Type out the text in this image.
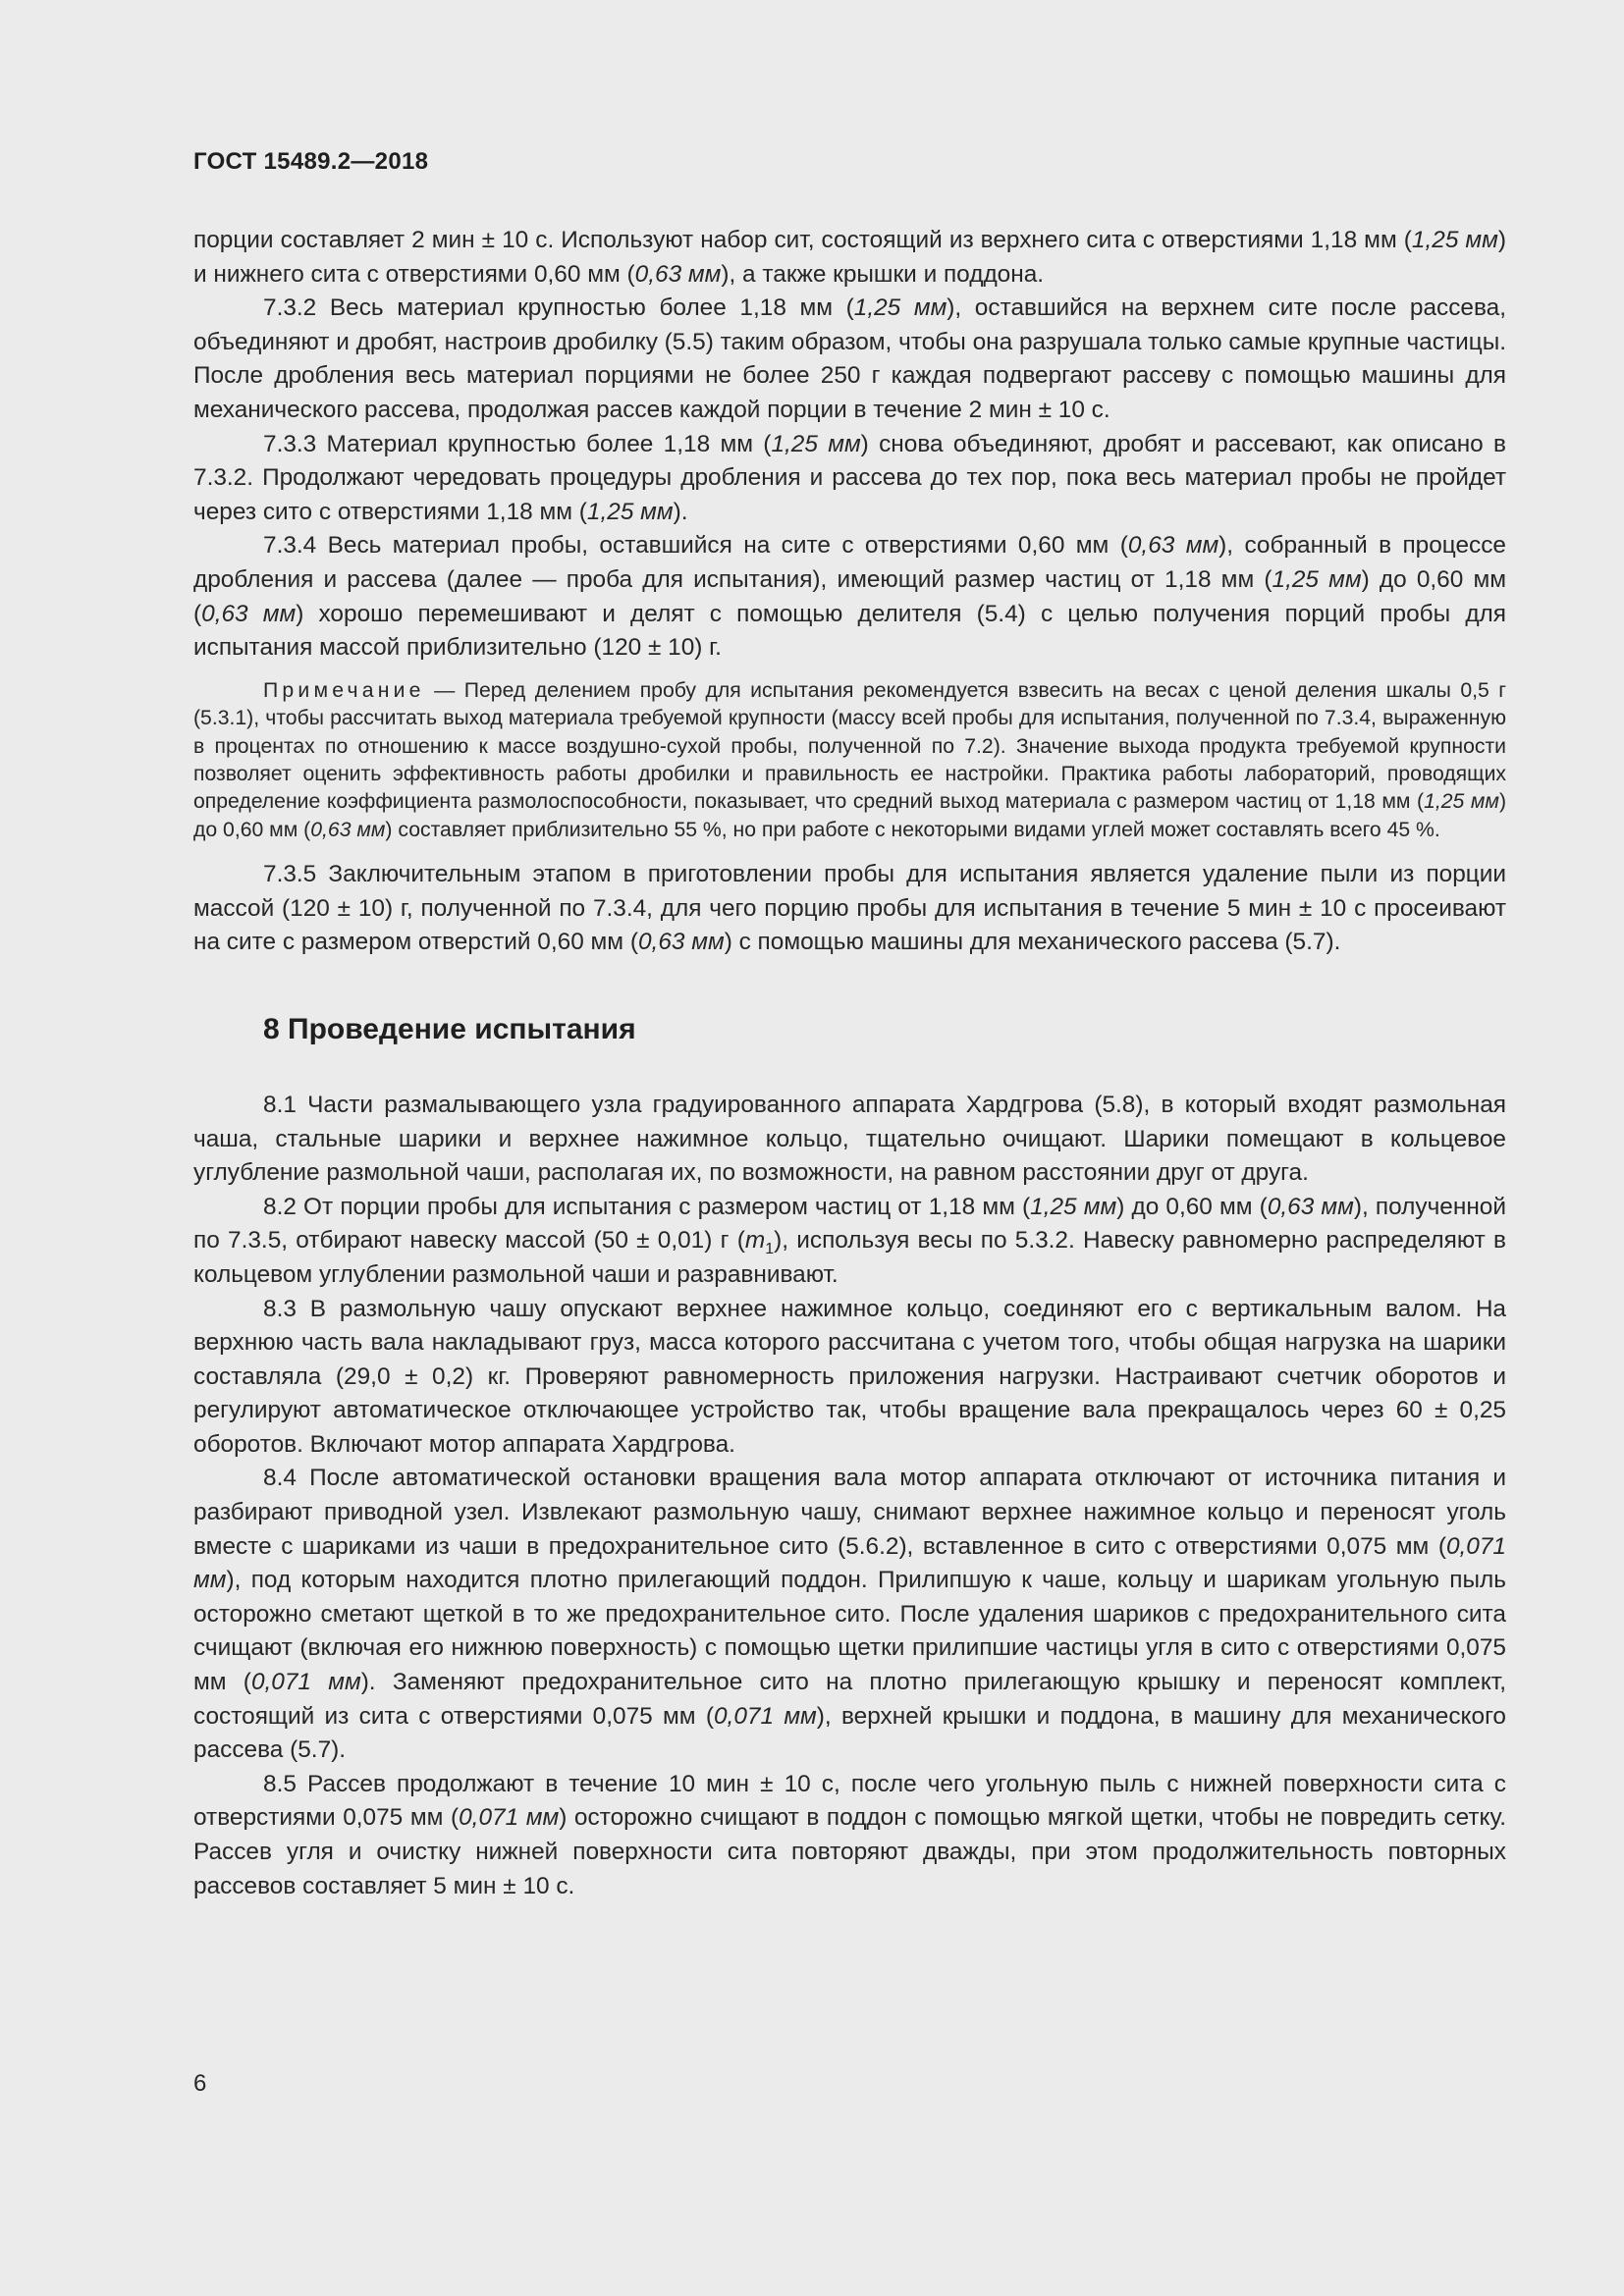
ГОСТ 15489.2—2018

порции составляет 2 мин ± 10 с. Используют набор сит, состоящий из верхнего сита с отверстиями 1,18 мм (1,25 мм) и нижнего сита с отверстиями 0,60 мм (0,63 мм), а также крышки и поддона.

7.3.2 Весь материал крупностью более 1,18 мм (1,25 мм), оставшийся на верхнем сите после рассева, объединяют и дробят, настроив дробилку (5.5) таким образом, чтобы она разрушала только самые крупные частицы. После дробления весь материал порциями не более 250 г каждая подвергают рассеву с помощью машины для механического рассева, продолжая рассев каждой порции в течение 2 мин ± 10 с.

7.3.3 Материал крупностью более 1,18 мм (1,25 мм) снова объединяют, дробят и рассевают, как описано в 7.3.2. Продолжают чередовать процедуры дробления и рассева до тех пор, пока весь материал пробы не пройдет через сито с отверстиями 1,18 мм (1,25 мм).

7.3.4 Весь материал пробы, оставшийся на сите с отверстиями 0,60 мм (0,63 мм), собранный в процессе дробления и рассева (далее — проба для испытания), имеющий размер частиц от 1,18 мм (1,25 мм) до 0,60 мм (0,63 мм) хорошо перемешивают и делят с помощью делителя (5.4) с целью получения порций пробы для испытания массой приблизительно (120 ± 10) г.

Примечание — Перед делением пробу для испытания рекомендуется взвесить на весах с ценой деления шкалы 0,5 г (5.3.1), чтобы рассчитать выход материала требуемой крупности (массу всей пробы для испытания, полученной по 7.3.4, выраженную в процентах по отношению к массе воздушно-сухой пробы, полученной по 7.2). Значение выхода продукта требуемой крупности позволяет оценить эффективность работы дробилки и правильность ее настройки. Практика работы лабораторий, проводящих определение коэффициента размолоспособности, показывает, что средний выход материала с размером частиц от 1,18 мм (1,25 мм) до 0,60 мм (0,63 мм) составляет приблизительно 55 %, но при работе с некоторыми видами углей может составлять всего 45 %.

7.3.5 Заключительным этапом в приготовлении пробы для испытания является удаление пыли из порции массой (120 ± 10) г, полученной по 7.3.4, для чего порцию пробы для испытания в течение 5 мин ± 10 с просеивают на сите с размером отверстий 0,60 мм (0,63 мм) с помощью машины для механического рассева (5.7).

8 Проведение испытания

8.1 Части размалывающего узла градуированного аппарата Хардгрова (5.8), в который входят размольная чаша, стальные шарики и верхнее нажимное кольцо, тщательно очищают. Шарики помещают в кольцевое углубление размольной чаши, располагая их, по возможности, на равном расстоянии друг от друга.

8.2 От порции пробы для испытания с размером частиц от 1,18 мм (1,25 мм) до 0,60 мм (0,63 мм), полученной по 7.3.5, отбирают навеску массой (50 ± 0,01) г $(m_1)$, используя весы по 5.3.2. Навеску равномерно распределяют в кольцевом углублении размольной чаши и разравнивают.

8.3 В размольную чашу опускают верхнее нажимное кольцо, соединяют его с вертикальным валом. На верхнюю часть вала накладывают груз, масса которого рассчитана с учетом того, чтобы общая нагрузка на шарики составляла (29,0 ± 0,2) кг. Проверяют равномерность приложения нагрузки. Настраивают счетчик оборотов и регулируют автоматическое отключающее устройство так, чтобы вращение вала прекращалось через 60 ± 0,25 оборотов. Включают мотор аппарата Хардгрова.

8.4 После автоматической остановки вращения вала мотор аппарата отключают от источника питания и разбирают приводной узел. Извлекают размольную чашу, снимают верхнее нажимное кольцо и переносят уголь вместе с шариками из чаши в предохранительное сито (5.6.2), вставленное в сито с отверстиями 0,075 мм (0,071 мм), под которым находится плотно прилегающий поддон. Прилипшую к чаше, кольцу и шарикам угольную пыль осторожно сметают щеткой в то же предохранительное сито. После удаления шариков с предохранительного сита счищают (включая его нижнюю поверхность) с помощью щетки прилипшие частицы угля в сито с отверстиями 0,075 мм (0,071 мм). Заменяют предохранительное сито на плотно прилегающую крышку и переносят комплект, состоящий из сита с отверстиями 0,075 мм (0,071 мм), верхней крышки и поддона, в машину для механического рассева (5.7).

8.5 Рассев продолжают в течение 10 мин ± 10 с, после чего угольную пыль с нижней поверхности сита с отверстиями 0,075 мм (0,071 мм) осторожно счищают в поддон с помощью мягкой щетки, чтобы не повредить сетку. Рассев угля и очистку нижней поверхности сита повторяют дважды, при этом продолжительность повторных рассевов составляет 5 мин ± 10 с.

6
